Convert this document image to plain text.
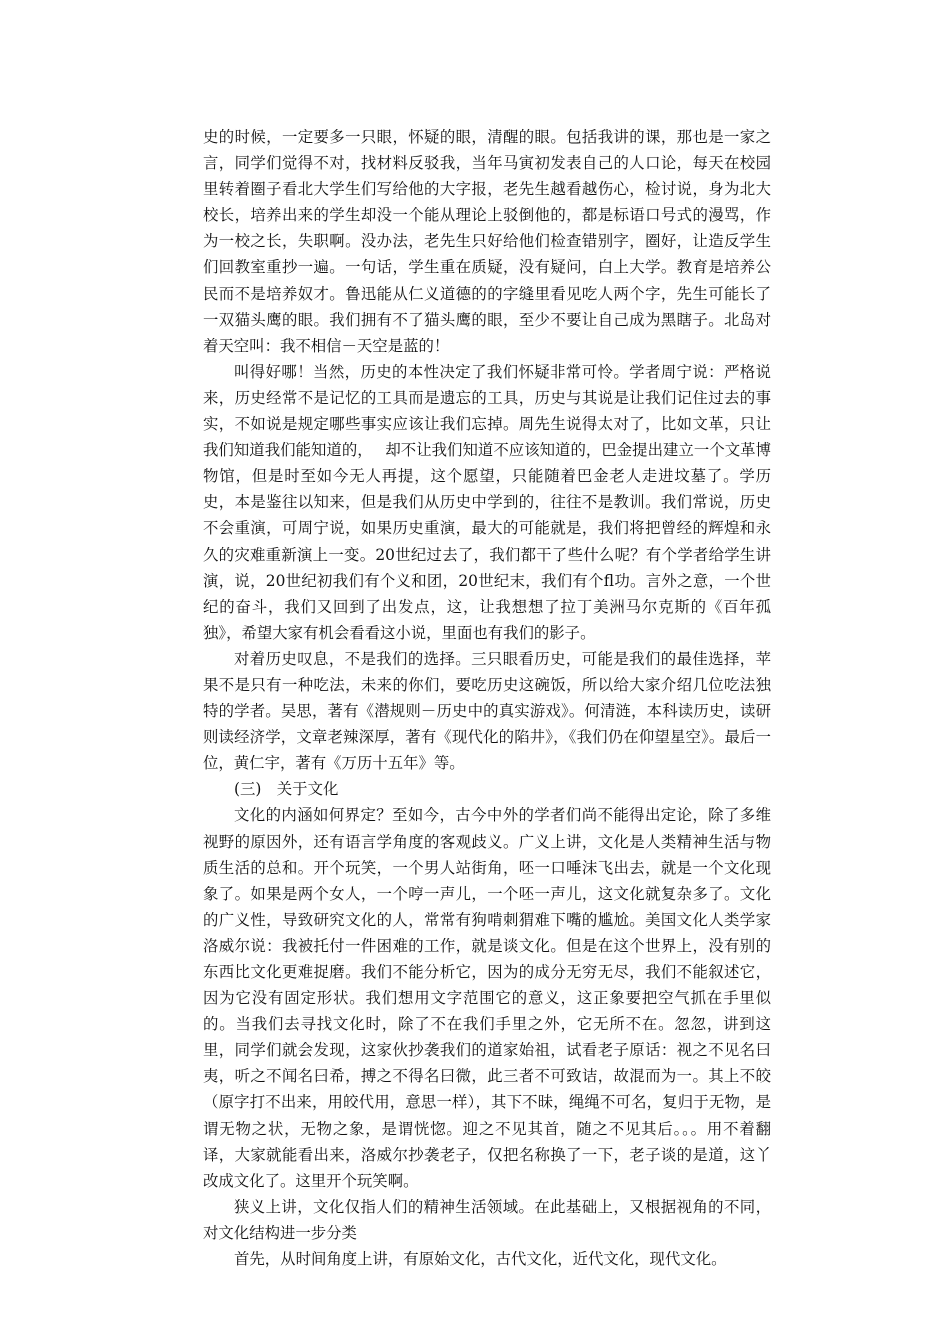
史的时候，一定要多一只眼，怀疑的眼，清醒的眼。包括我讲的课，那也是一家之言，同学们觉得不对，找材料反驳我，当年马寅初发表自己的人口论，每天在校园里转着圈子看北大学生们写给他的大字报，老先生越看越伤心，检讨说，身为北大校长，培养出来的学生却没一个能从理论上驳倒他的，都是标语口号式的漫骂，作为一校之长，失职啊。没办法，老先生只好给他们检查错别字，圈好，让造反学生们回教室重抄一遍。一句话，学生重在质疑，没有疑问，白上大学。教育是培养公民而不是培养奴才。鲁迅能从仁义道德的的字缝里看见吃人两个字，先生可能长了一双猫头鹰的眼。我们拥有不了猫头鹰的眼，至少不要让自己成为黑瞎子。北岛对着天空叫：我不相信－天空是蓝的！

叫得好哪！当然，历史的本性决定了我们怀疑非常可怜。学者周宁说：严格说来，历史经常不是记忆的工具而是遗忘的工具，历史与其说是让我们记住过去的事实，不如说是规定哪些事实应该让我们忘掉。周先生说得太对了，比如文革，只让我们知道我们能知道的，　 却不让我们知道不应该知道的，巴金提出建立一个文革博物馆，但是时至如今无人再提，这个愿望，只能随着巴金老人走进坟墓了。学历史，本是鉴往以知来，但是我们从历史中学到的，往往不是教训。我们常说，历史不会重演，可周宁说，如果历史重演，最大的可能就是，我们将把曾经的辉煌和永久的灾难重新演上一变。20世纪过去了，我们都干了些什么呢？有个学者给学生讲演，说，20世纪初我们有个义和团，20世纪末，我们有个fl功。言外之意，一个世纪的奋斗，我们又回到了出发点，这，让我想想了拉丁美洲马尔克斯的《百年孤独》，希望大家有机会看看这小说，里面也有我们的影子。

对着历史叹息，不是我们的选择。三只眼看历史，可能是我们的最佳选择，苹果不是只有一种吃法，未来的你们，要吃历史这碗饭，所以给大家介绍几位吃法独特的学者。吴思，著有《潜规则－历史中的真实游戏》。何清涟，本科读历史，读研则读经济学，文章老辣深厚，著有《现代化的陷井》，《我们仍在仰望星空》。最后一位，黄仁宇，著有《万历十五年》等。

(三)　关于文化

文化的内涵如何界定？至如今，古今中外的学者们尚不能得出定论，除了多维视野的原因外，还有语言学角度的客观歧义。广义上讲，文化是人类精神生活与物质生活的总和。开个玩笑，一个男人站街角，呸一口唾沫飞出去，就是一个文化现象了。如果是两个女人，一个哼一声儿，一个呸一声儿，这文化就复杂多了。文化的广义性，导致研究文化的人，常常有狗啃刺猬难下嘴的尴尬。美国文化人类学家洛威尔说：我被托付一件困难的工作，就是谈文化。但是在这个世界上，没有别的东西比文化更难捉磨。我们不能分析它，因为的成分无穷无尽，我们不能叙述它，因为它没有固定形状。我们想用文字范围它的意义，这正象要把空气抓在手里似的。当我们去寻找文化时，除了不在我们手里之外，它无所不在。忽忽，讲到这里，同学们就会发现，这家伙抄袭我们的道家始祖，试看老子原话：视之不见名曰夷，听之不闻名曰希，搏之不得名曰微，此三者不可致诘，故混而为一。其上不皎（原字打不出来，用皎代用，意思一样），其下不昧，绳绳不可名，复归于无物，是谓无物之状，无物之象，是谓恍惚。迎之不见其首，随之不见其后。。。用不着翻译，大家就能看出来，洛威尔抄袭老子，仅把名称换了一下，老子谈的是道，这丫改成文化了。这里开个玩笑啊。

狭义上讲，文化仅指人们的精神生活领域。在此基础上，又根据视角的不同，对文化结构进一步分类

首先，从时间角度上讲，有原始文化，古代文化，近代文化，现代文化。
